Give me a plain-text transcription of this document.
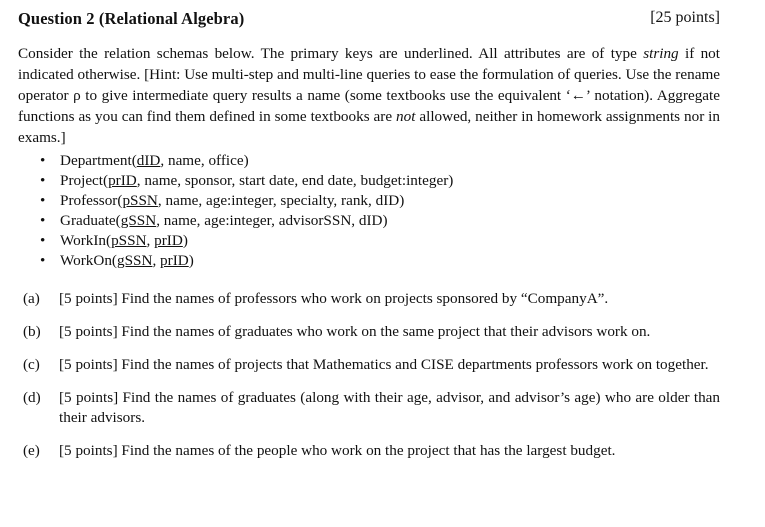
Question 2 (Relational Algebra)	[25 points]
Consider the relation schemas below. The primary keys are underlined. All attributes are of type string if not indicated otherwise. [Hint: Use multi-step and multi-line queries to ease the formulation of queries. Use the rename operator ρ to give intermediate query results a name (some textbooks use the equivalent ‘←’ notation). Aggregate functions as you can find them defined in some textbooks are not allowed, neither in homework assignments nor in exams.]
• Department(dID, name, office)
• Project(prID, name, sponsor, start date, end date, budget:integer)
• Professor(pSSN, name, age:integer, specialty, rank, dID)
• Graduate(gSSN, name, age:integer, advisorSSN, dID)
• WorkIn(pSSN, prID)
• WorkOn(gSSN, prID)
(a) [5 points] Find the names of professors who work on projects sponsored by “CompanyA”.
(b) [5 points] Find the names of graduates who work on the same project that their advisors work on.
(c) [5 points] Find the names of projects that Mathematics and CISE departments professors work on together.
(d) [5 points] Find the names of graduates (along with their age, advisor, and advisor’s age) who are older than their advisors.
(e) [5 points] Find the names of the people who work on the project that has the largest budget.
